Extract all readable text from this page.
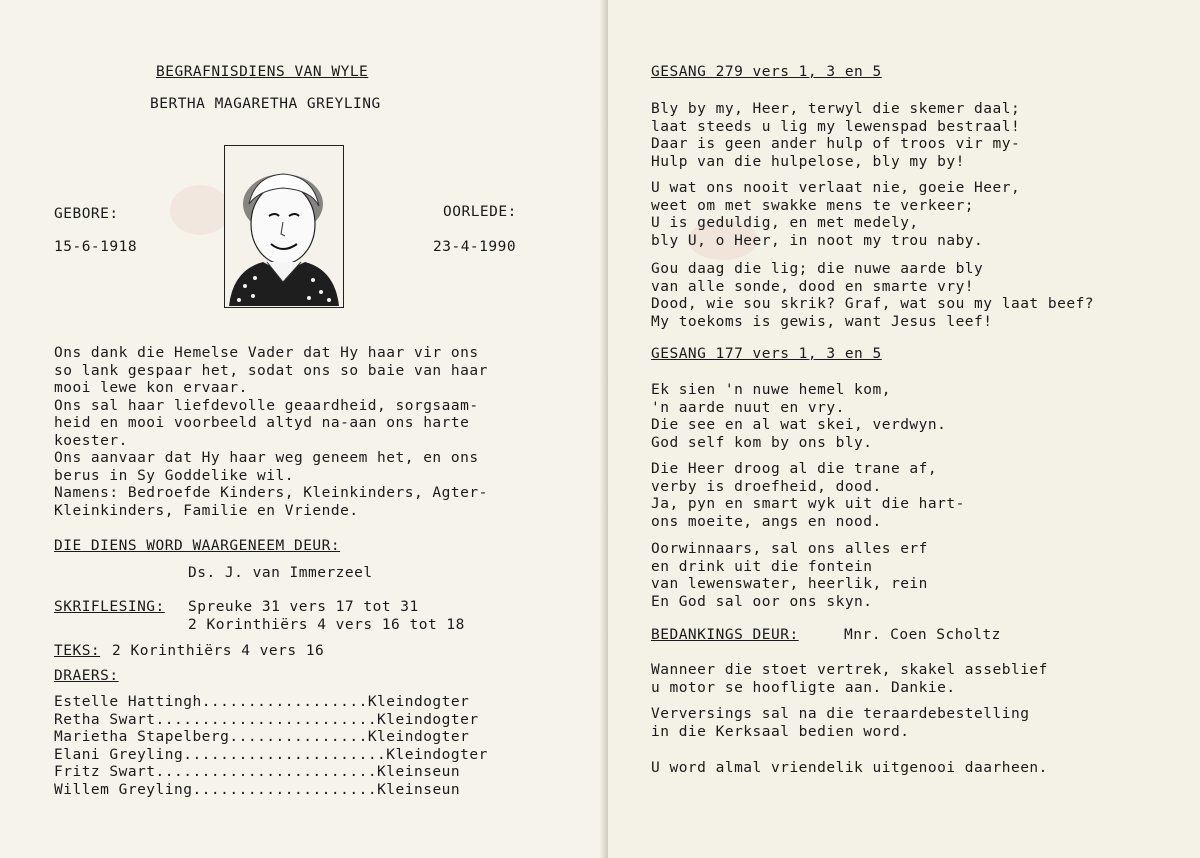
BEGRAFNISDIENS VAN WYLE
BERTHA MAGARETHA GREYLING
GEBORE:
15-6-1918
OORLEDE:
23-4-1990
Ons dank die Hemelse Vader dat Hy haar vir ons
so lank gespaar het, sodat ons so baie van haar
mooi lewe kon ervaar.
Ons sal haar liefdevolle geaardheid, sorgsaam-
heid en mooi voorbeeld altyd na-aan ons harte
koester.
Ons aanvaar dat Hy haar weg geneem het, en ons
berus in Sy Goddelike wil.
Namens: Bedroefde Kinders, Kleinkinders, Agter-
Kleinkinders, Familie en Vriende.
DIE DIENS WORD WAARGENEEM DEUR:
Ds. J. van Immerzeel
SKRIFLESING: Spreuke 31 vers 17 tot 31
2 Korinthiërs 4 vers 16 tot 18
TEKS: 2 Korinthiërs 4 vers 16
DRAERS:
Estelle Hattingh..................Kleindogter
Retha Swart........................Kleindogter
Marietha Stapelberg...............Kleindogter
Elani Greyling......................Kleindogter
Fritz Swart........................Kleinseun
Willem Greyling....................Kleinseun
GESANG 279 vers 1, 3 en 5
Bly by my, Heer, terwyl die skemer daal;
laat steeds u lig my lewenspad bestraal!
Daar is geen ander hulp of troos vir my-
Hulp van die hulpelose, bly my by!
U wat ons nooit verlaat nie, goeie Heer,
weet om met swakke mens te verkeer;
U is geduldig, en met medely,
bly U, o Heer, in noot my trou naby.
Gou daag die lig; die nuwe aarde bly
van alle sonde, dood en smarte vry!
Dood, wie sou skrik? Graf, wat sou my laat beef?
My toekoms is gewis, want Jesus leef!
GESANG 177 vers 1, 3 en 5
Ek sien 'n nuwe hemel kom,
'n aarde nuut en vry.
Die see en al wat skei, verdwyn.
God self kom by ons bly.
Die Heer droog al die trane af,
verby is droefheid, dood.
Ja, pyn en smart wyk uit die hart-
ons moeite, angs en nood.
Oorwinnaars, sal ons alles erf
en drink uit die fontein
van lewenswater, heerlik, rein
En God sal oor ons skyn.
BEDANKINGS DEUR:	Mnr. Coen Scholtz
Wanneer die stoet vertrek, skakel asseblief
u motor se hoofligte aan. Dankie.
Verversings sal na die teraardebestelling
in die Kerksaal bedien word.
U word almal vriendelik uitgenooi daarheen.
